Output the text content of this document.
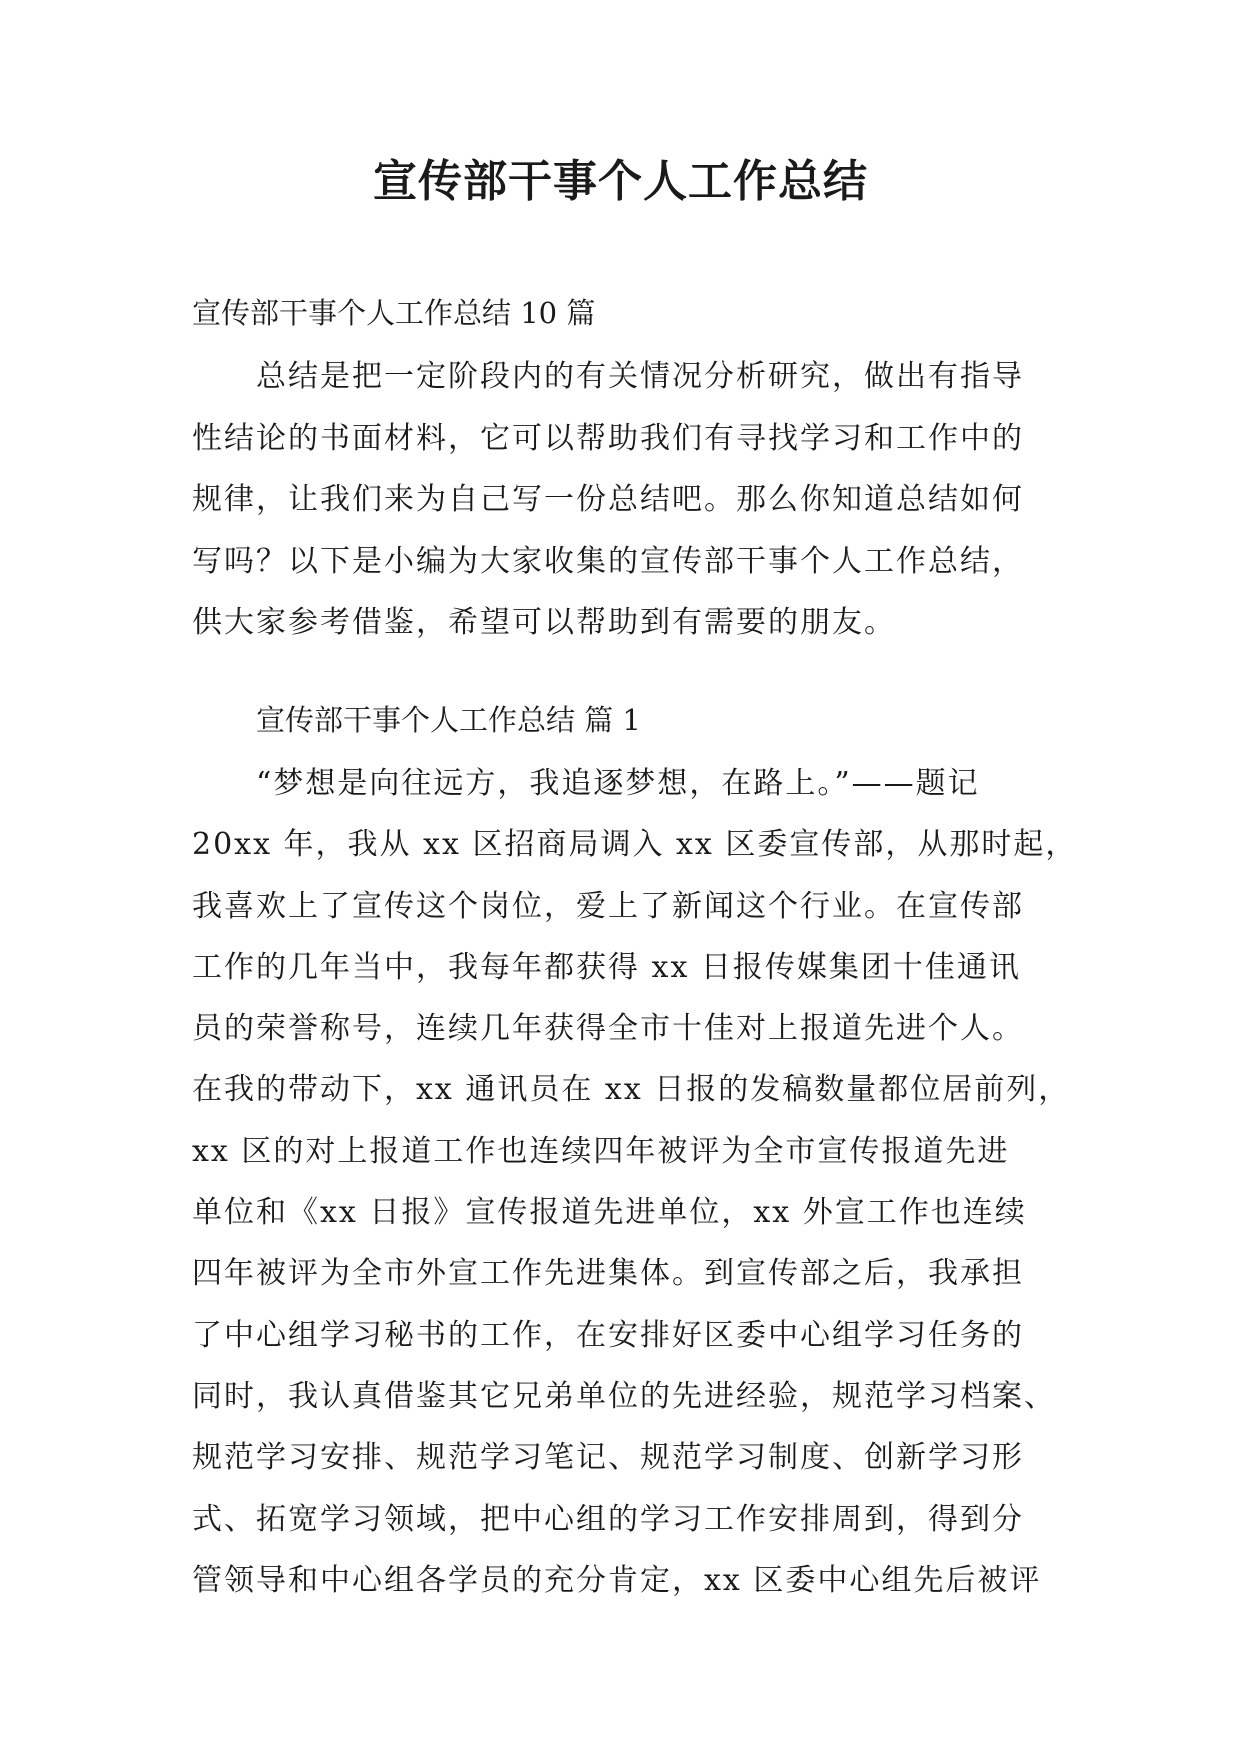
宣传部干事个人工作总结

宣传部干事个人工作总结 10 篇

总结是把一定阶段内的有关情况分析研究，做出有指导
性结论的书面材料，它可以帮助我们有寻找学习和工作中的
规律，让我们来为自己写一份总结吧。那么你知道总结如何
写吗？以下是小编为大家收集的宣传部干事个人工作总结，
供大家参考借鉴，希望可以帮助到有需要的朋友。

宣传部干事个人工作总结 篇 1

“梦想是向往远方，我追逐梦想，在路上。”——题记
20xx 年，我从 xx 区招商局调入 xx 区委宣传部，从那时起，
我喜欢上了宣传这个岗位，爱上了新闻这个行业。在宣传部
工作的几年当中，我每年都获得 xx 日报传媒集团十佳通讯
员的荣誉称号，连续几年获得全市十佳对上报道先进个人。
在我的带动下，xx 通讯员在 xx 日报的发稿数量都位居前列，
xx 区的对上报道工作也连续四年被评为全市宣传报道先进
单位和《xx 日报》宣传报道先进单位，xx 外宣工作也连续
四年被评为全市外宣工作先进集体。到宣传部之后，我承担
了中心组学习秘书的工作，在安排好区委中心组学习任务的
同时，我认真借鉴其它兄弟单位的先进经验，规范学习档案、
规范学习安排、规范学习笔记、规范学习制度、创新学习形
式、拓宽学习领域，把中心组的学习工作安排周到，得到分
管领导和中心组各学员的充分肯定，xx 区委中心组先后被评
